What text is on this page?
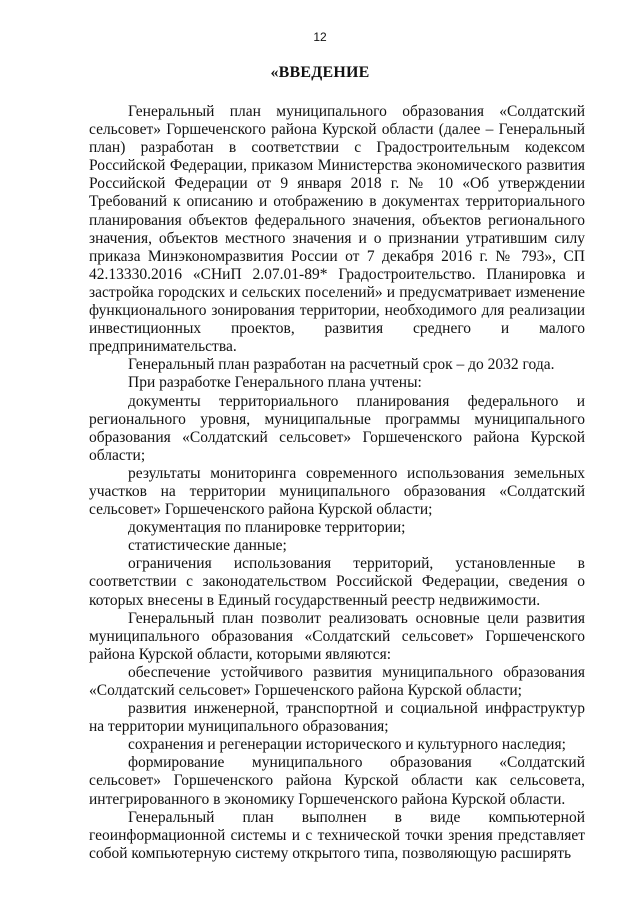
12
«ВВЕДЕНИЕ

Генеральный план муниципального образования «Солдатский сельсовет» Горшеченского района Курской области (далее – Генеральный план) разработан в соответствии с Градостроительным кодексом Российской Федерации, приказом Министерства экономического развития Российской Федерации от 9 января 2018 г. № 10 «Об утверждении Требований к описанию и отображению в документах территориального планирования объектов федерального значения, объектов регионального значения, объектов местного значения и о признании утратившим силу приказа Минэкономразвития России от 7 декабря 2016 г. № 793», СП 42.13330.2016 «СНиП 2.07.01-89* Градостроительство. Планировка и застройка городских и сельских поселений» и предусматривает изменение функционального зонирования территории, необходимого для реализации инвестиционных проектов, развития среднего и малого предпринимательства.

Генеральный план разработан на расчетный срок – до 2032 года.

При разработке Генерального плана учтены:

документы территориального планирования федерального и регионального уровня, муниципальные программы муниципального образования «Солдатский сельсовет» Горшеченского района Курской области;

результаты мониторинга современного использования земельных участков на территории муниципального образования «Солдатский сельсовет» Горшеченского района Курской области;

документация по планировке территории;

статистические данные;

ограничения использования территорий, установленные в соответствии с законодательством Российской Федерации, сведения о которых внесены в Единый государственный реестр недвижимости.

Генеральный план позволит реализовать основные цели развития муниципального образования «Солдатский сельсовет» Горшеченского района Курской области, которыми являются:

обеспечение устойчивого развития муниципального образования «Солдатский сельсовет» Горшеченского района Курской области;

развития инженерной, транспортной и социальной инфраструктур на территории муниципального образования;

сохранения и регенерации исторического и культурного наследия;

формирование муниципального образования «Солдатский сельсовет» Горшеченского района Курской области как сельсовета, интегрированного в экономику Горшеченского района Курской области.

Генеральный план выполнен в виде компьютерной геоинформационной системы и с технической точки зрения представляет собой компьютерную систему открытого типа, позволяющую расширять
